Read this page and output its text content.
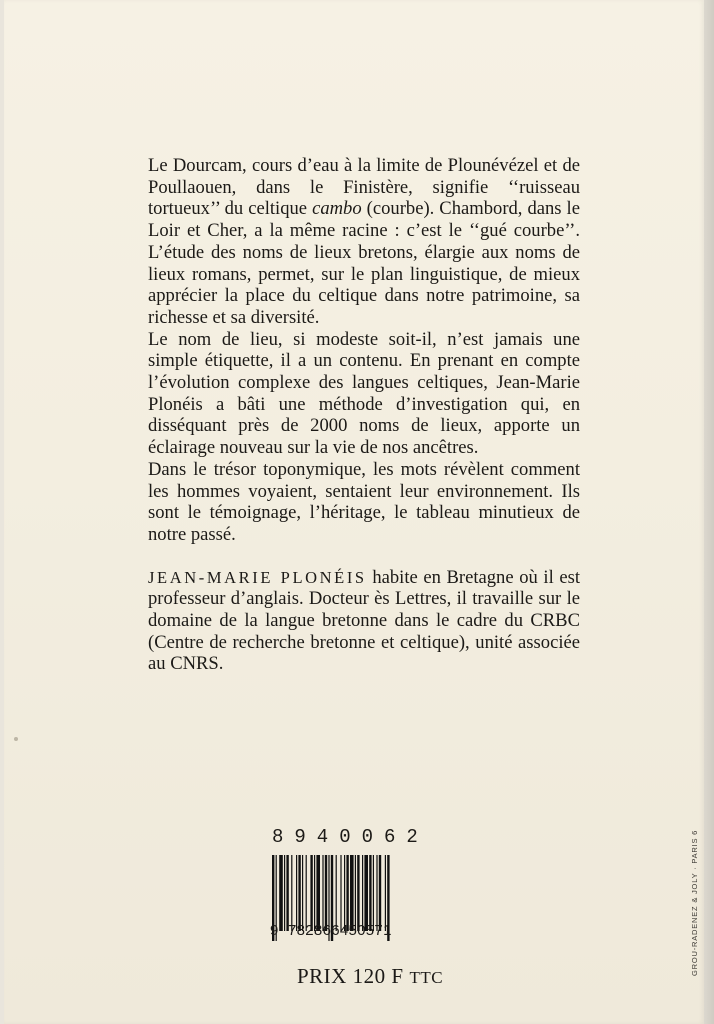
Le Dourcam, cours d’eau à la limite de Plounévézel et de Poullaouen, dans le Finistère, signifie ‘‘ruisseau tortueux’’ du celtique cambo (courbe). Chambord, dans le Loir et Cher, a la même racine : c’est le ‘‘gué courbe’’. L’étude des noms de lieux bretons, élargie aux noms de lieux romans, permet, sur le plan linguistique, de mieux apprécier la place du celtique dans notre patrimoine, sa richesse et sa diversité.

Le nom de lieu, si modeste soit-il, n’est jamais une simple étiquette, il a un contenu. En prenant en compte l’évolution complexe des langues celtiques, Jean-Marie Plonéis a bâti une méthode d’investigation qui, en disséquant près de 2000 noms de lieux, apporte un éclairage nouveau sur la vie de nos ancêtres.

Dans le trésor toponymique, les mots révèlent comment les hommes voyaient, sentaient leur environnement. Ils sont le témoignage, l’héritage, le tableau minutieux de notre passé.

JEAN-MARIE PLONÉIS habite en Bretagne où il est professeur d’anglais. Docteur ès Lettres, il travaille sur le domaine de la langue bretonne dans le cadre du CRBC (Centre de recherche bretonne et celtique), unité associée au CNRS.

8940062
9 782866450571
PRIX 120 F TTC
GROU-RADENEZ & JOLY · PARIS 6
